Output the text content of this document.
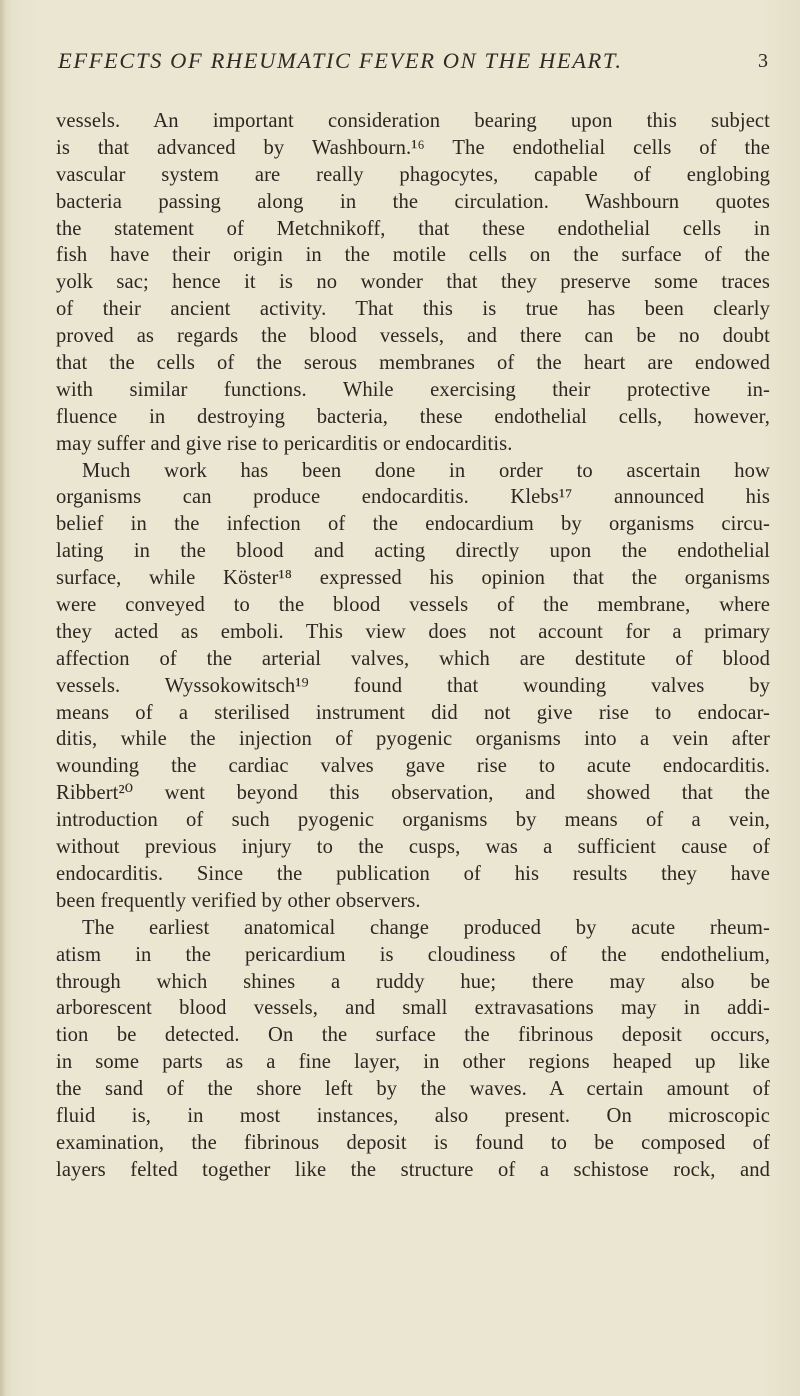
EFFECTS OF RHEUMATIC FEVER ON THE HEART.	3
vessels. An important consideration bearing upon this subject
is that advanced by Washbourn.¹⁶ The endothelial cells of the
vascular system are really phagocytes, capable of englobing
bacteria passing along in the circulation. Washbourn quotes
the statement of Metchnikoff, that these endothelial cells in
fish have their origin in the motile cells on the surface of the
yolk sac; hence it is no wonder that they preserve some traces
of their ancient activity. That this is true has been clearly
proved as regards the blood vessels, and there can be no doubt
that the cells of the serous membranes of the heart are endowed
with similar functions. While exercising their protective in-
fluence in destroying bacteria, these endothelial cells, however,
may suffer and give rise to pericarditis or endocarditis.
Much work has been done in order to ascertain how
organisms can produce endocarditis. Klebs¹⁷ announced his
belief in the infection of the endocardium by organisms circu-
lating in the blood and acting directly upon the endothelial
surface, while Köster¹⁸ expressed his opinion that the organisms
were conveyed to the blood vessels of the membrane, where
they acted as emboli. This view does not account for a primary
affection of the arterial valves, which are destitute of blood
vessels. Wyssokowitsch¹⁹ found that wounding valves by
means of a sterilised instrument did not give rise to endocar-
ditis, while the injection of pyogenic organisms into a vein after
wounding the cardiac valves gave rise to acute endocarditis.
Ribbert²⁰ went beyond this observation, and showed that the
introduction of such pyogenic organisms by means of a vein,
without previous injury to the cusps, was a sufficient cause of
endocarditis. Since the publication of his results they have
been frequently verified by other observers.
The earliest anatomical change produced by acute rheum-
atism in the pericardium is cloudiness of the endothelium,
through which shines a ruddy hue; there may also be
arborescent blood vessels, and small extravasations may in addi-
tion be detected. On the surface the fibrinous deposit occurs,
in some parts as a fine layer, in other regions heaped up like
the sand of the shore left by the waves. A certain amount of
fluid is, in most instances, also present. On microscopic
examination, the fibrinous deposit is found to be composed of
layers felted together like the structure of a schistose rock, and
